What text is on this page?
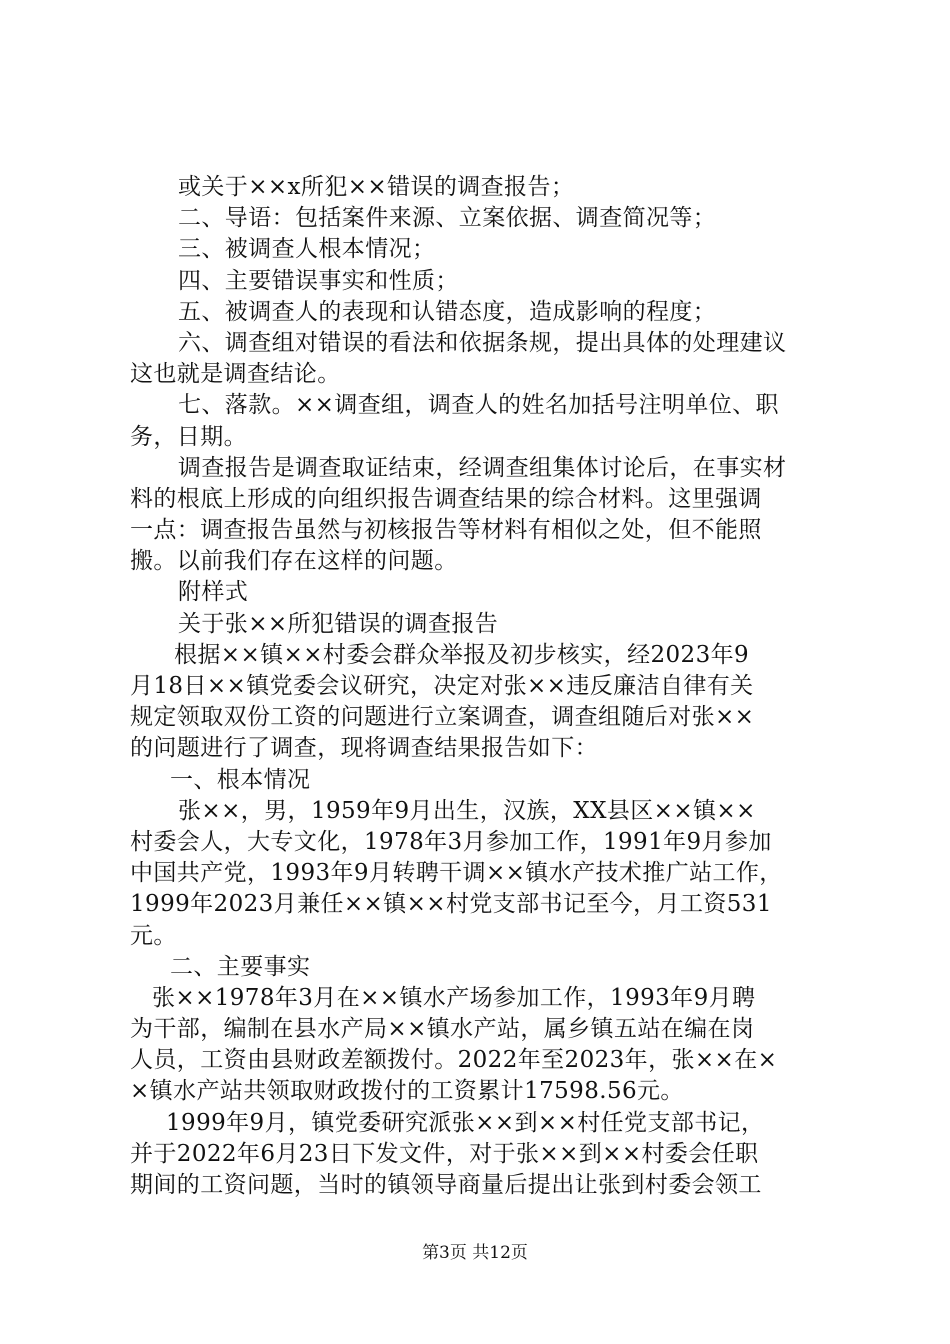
或关于××x所犯××错误的调查报告；
二、导语：包括案件来源、立案依据、调查简况等；
三、被调查人根本情况；
四、主要错误事实和性质；
五、被调查人的表现和认错态度，造成影响的程度；
六、调查组对错误的看法和依据条规，提出具体的处理建议
这也就是调查结论。
七、落款。××调查组，调查人的姓名加括号注明单位、职
务，日期。
调查报告是调查取证结束，经调查组集体讨论后，在事实材
料的根底上形成的向组织报告调查结果的综合材料。这里强调
一点：调查报告虽然与初核报告等材料有相似之处，但不能照
搬。以前我们存在这样的问题。
附样式
关于张××所犯错误的调查报告
根据××镇××村委会群众举报及初步核实，经2023年9
月18日××镇党委会议研究，决定对张××违反廉洁自律有关
规定领取双份工资的问题进行立案调查，调查组随后对张××
的问题进行了调查，现将调查结果报告如下：
一、根本情况
张××，男，1959年9月出生，汉族，XX县区××镇××
村委会人，大专文化，1978年3月参加工作，1991年9月参加
中国共产党，1993年9月转聘干调××镇水产技术推广站工作，
1999年2023月兼任××镇××村党支部书记至今，月工资531
元。
二、主要事实
张××1978年3月在××镇水产场参加工作，1993年9月聘
为干部，编制在县水产局××镇水产站，属乡镇五站在编在岗
人员，工资由县财政差额拨付。2022年至2023年，张××在×
×镇水产站共领取财政拨付的工资累计17598.56元。
1999年9月，镇党委研究派张××到××村任党支部书记，
并于2022年6月23日下发文件，对于张××到××村委会任职
期间的工资问题，当时的镇领导商量后提出让张到村委会领工
第3页 共12页
